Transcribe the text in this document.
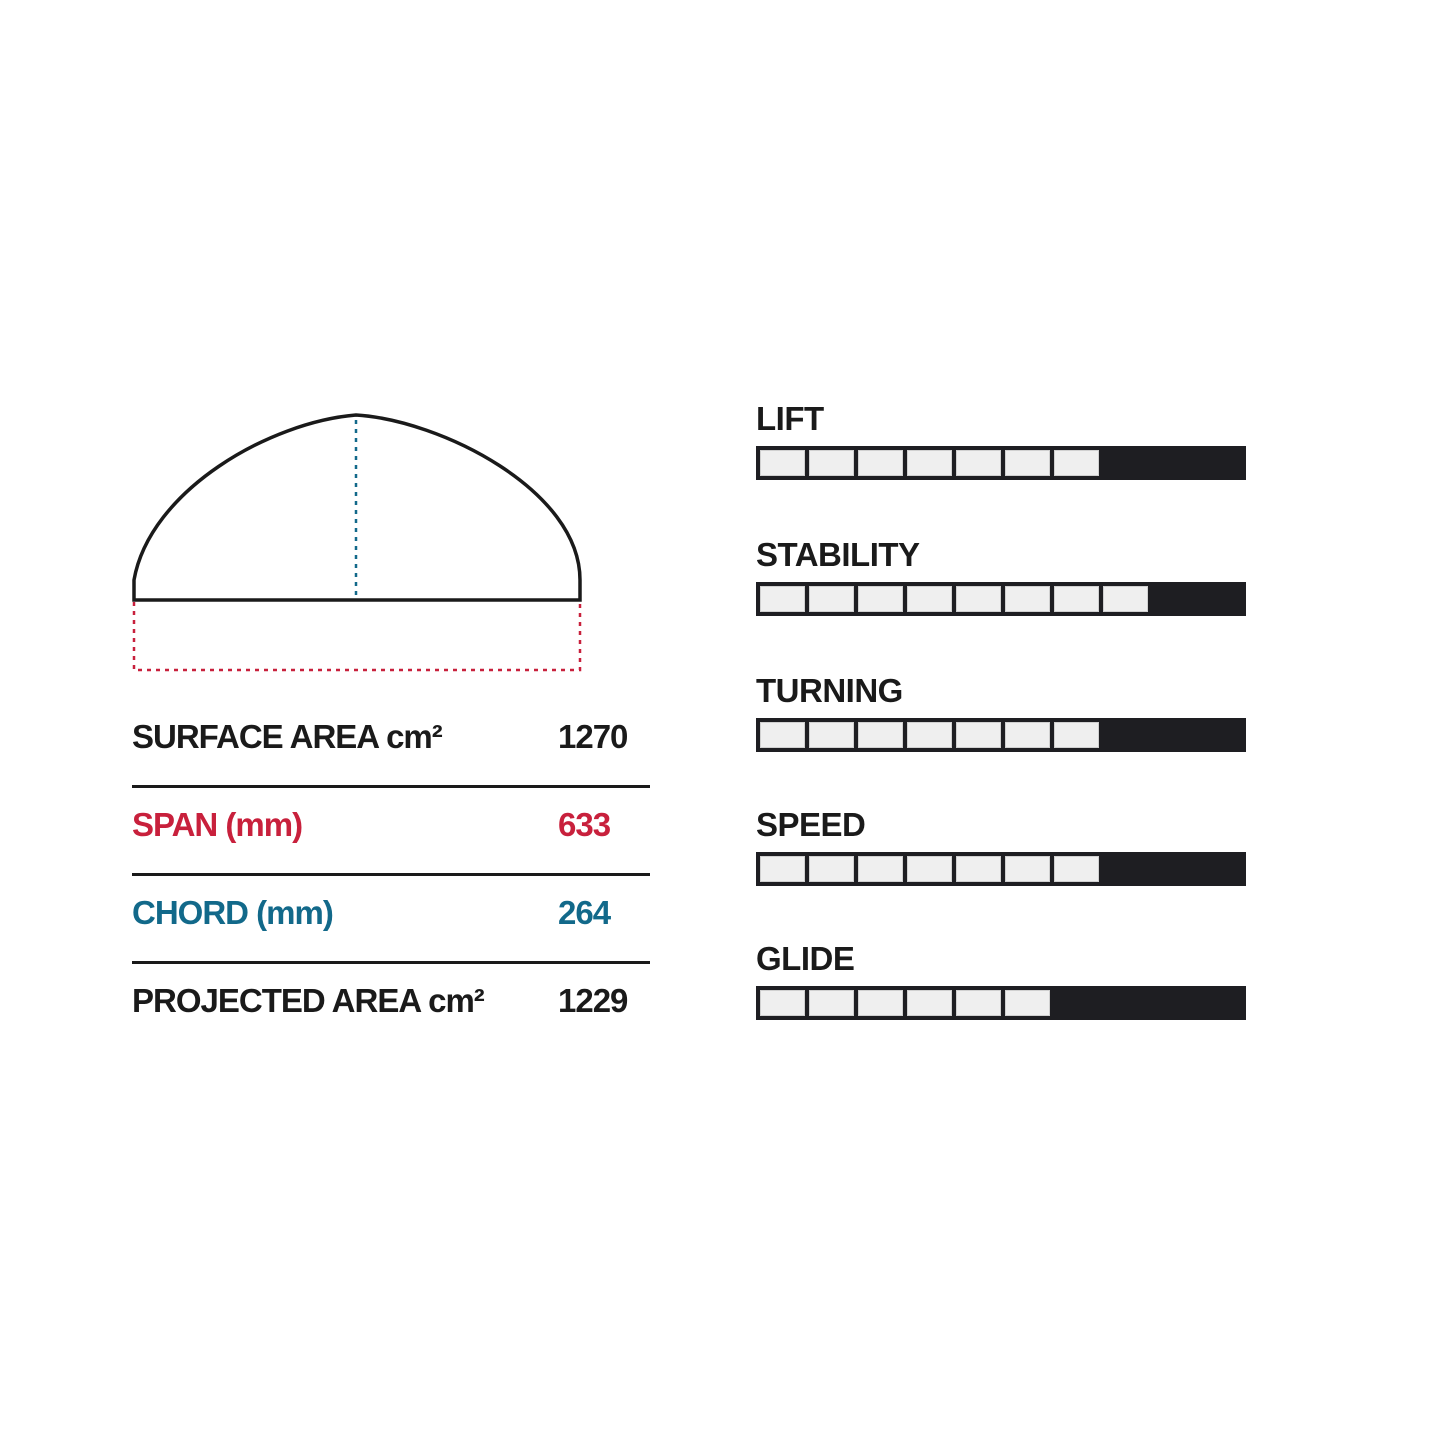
SURFACE AREA cm²	1270
SPAN (mm)	633
CHORD (mm)	264
PROJECTED AREA cm² 1229
LIFT
STABILITY
TURNING
SPEED
GLIDE
